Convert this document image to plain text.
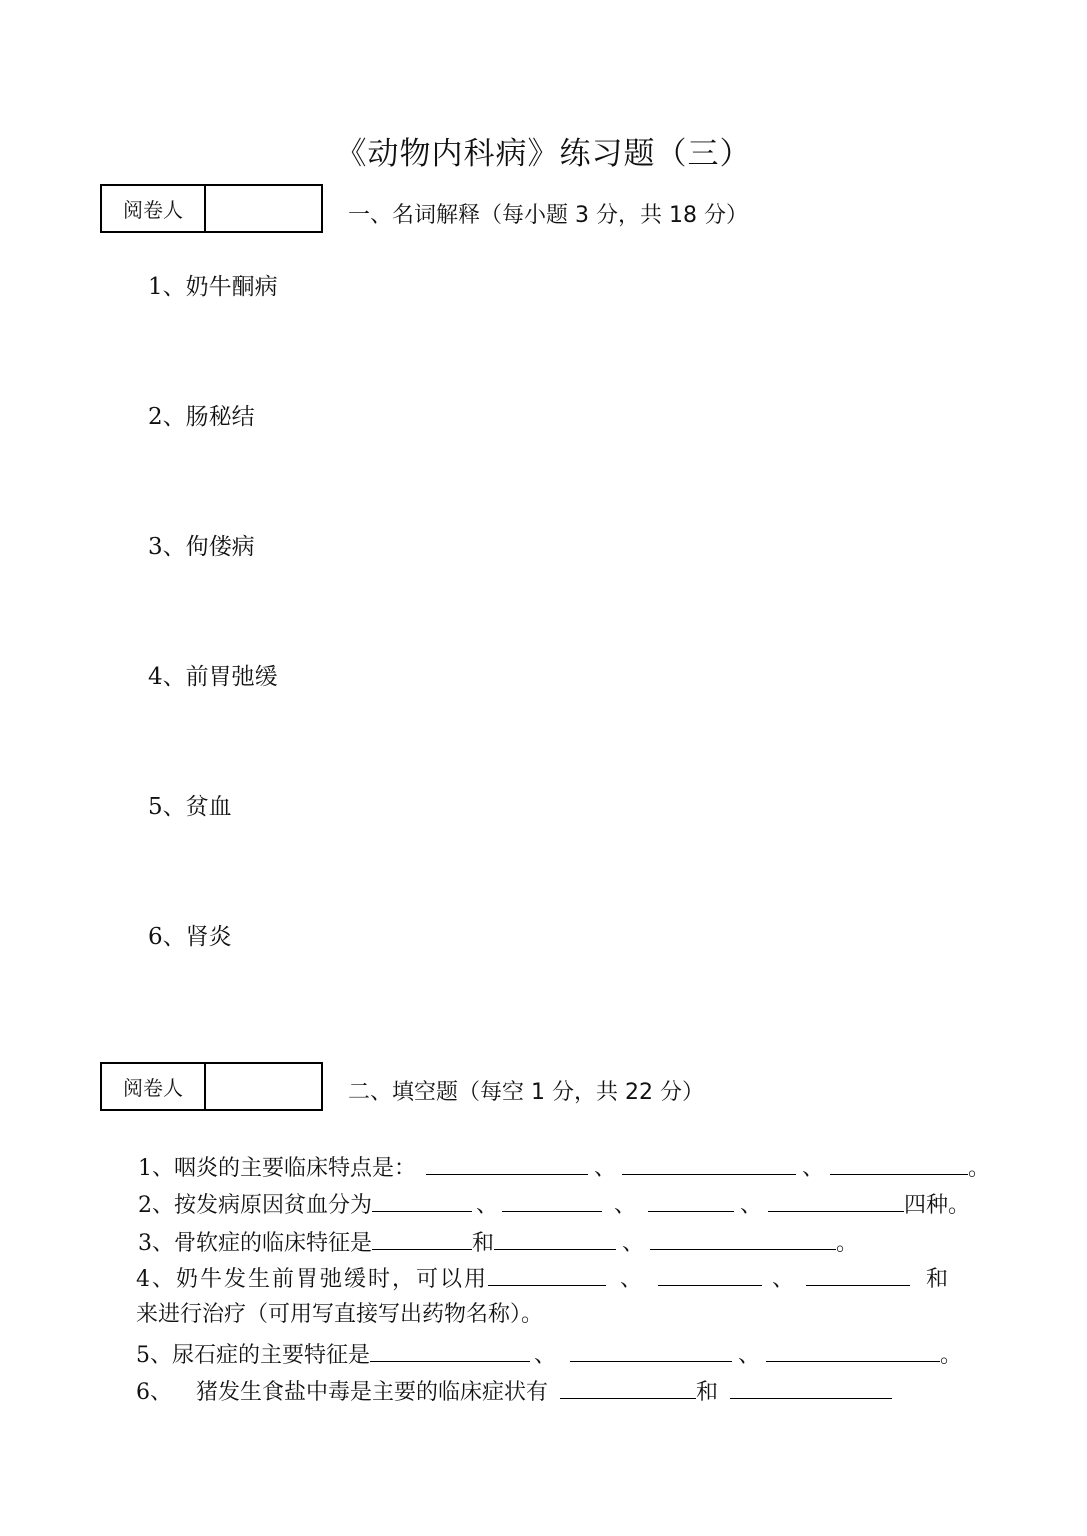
《动物内科病》练习题（三）
阅卷人	一、名词解释（每小题 3 分，共 18 分）
1、奶牛酮病
2、肠秘结
3、佝偻病
4、前胃弛缓
5、贫血
6、肾炎
阅卷人	二、填空题（每空 1 分，共 22 分）
1、咽炎的主要临床特点是：	、	、	。
2、按发病原因贫血分为	、	、	、	四种。
3、骨软症的临床特征是	和	、	。
4、奶牛发生前胃弛缓时，可以用	、	、	和
来进行治疗（可用写直接写出药物名称）。
5、尿石症的主要特征是	、	、	。
6、 猪发生食盐中毒是主要的临床症状有	和
